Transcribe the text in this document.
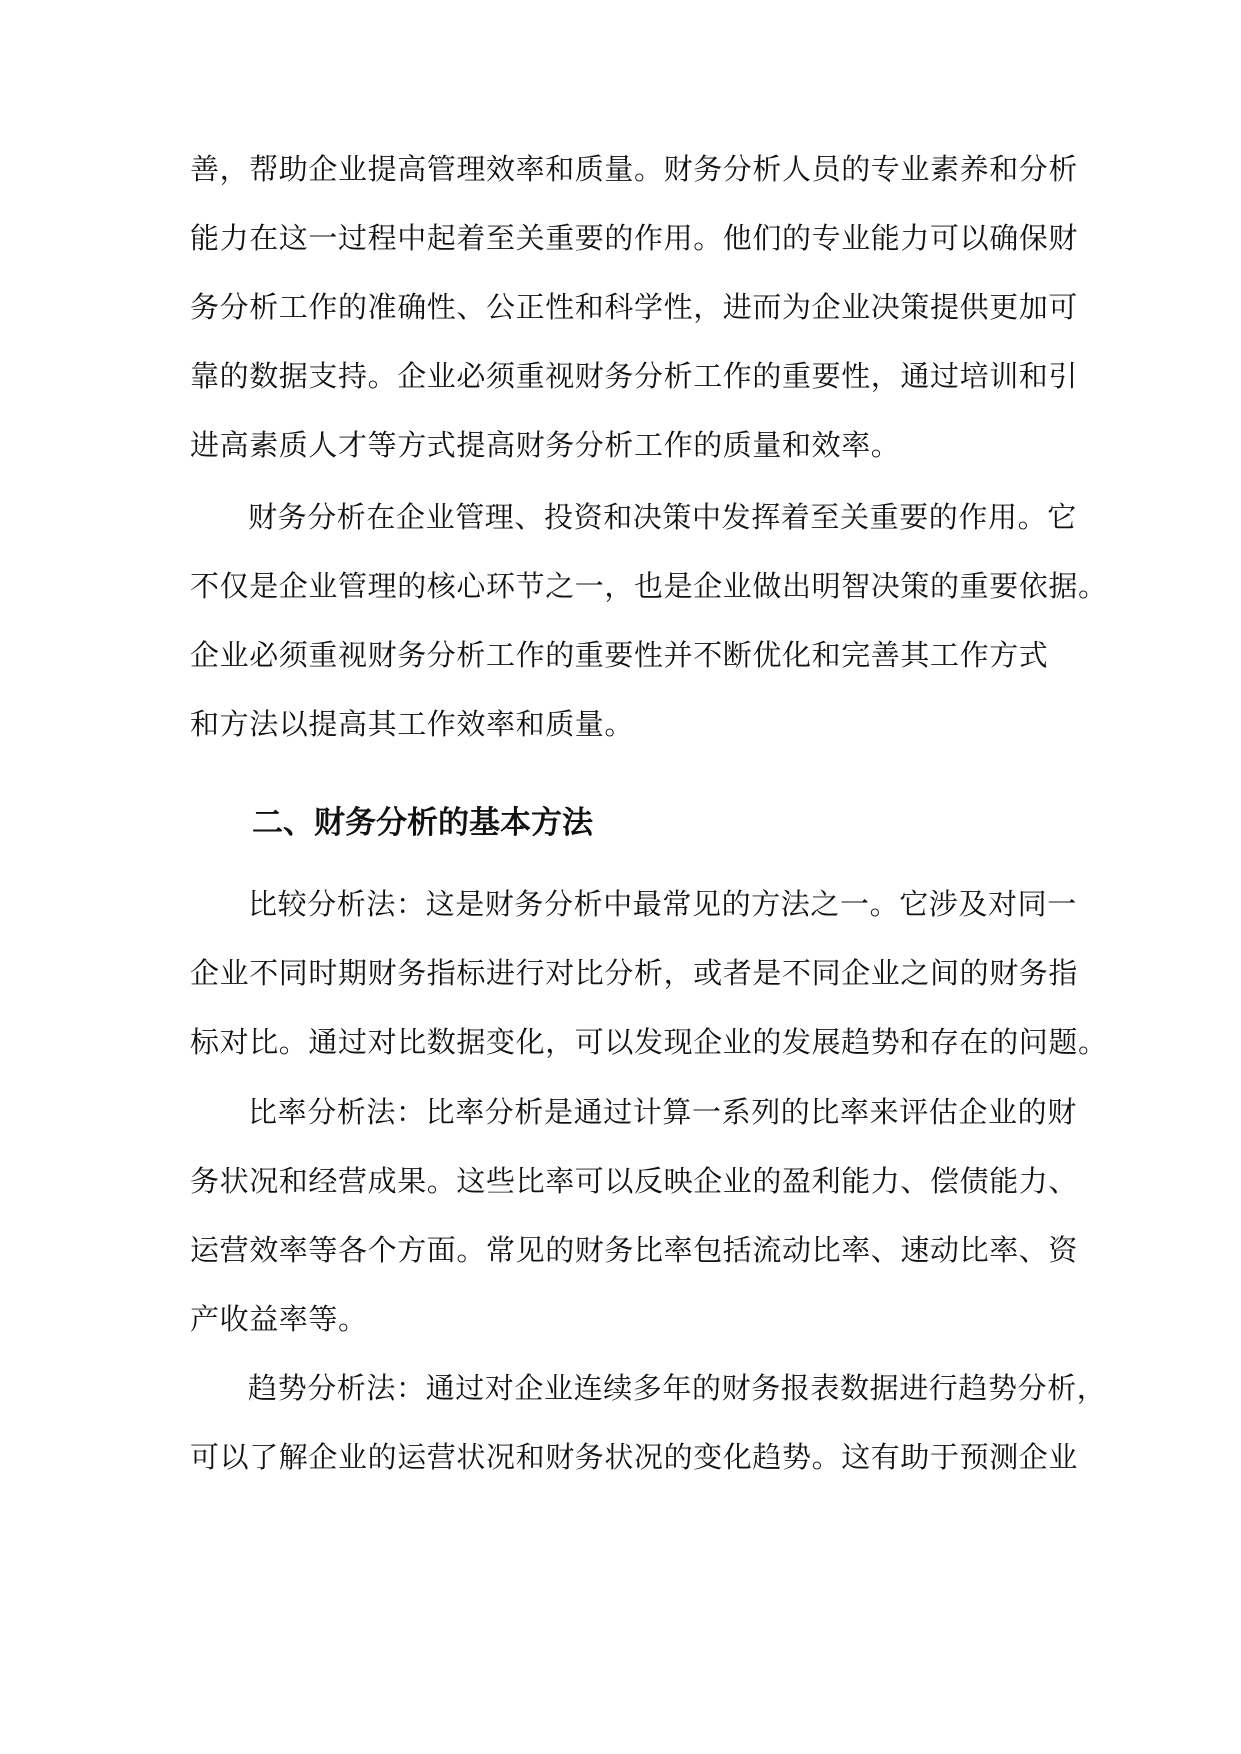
善，帮助企业提高管理效率和质量。财务分析人员的专业素养和分析
能力在这一过程中起着至关重要的作用。他们的专业能力可以确保财
务分析工作的准确性、公正性和科学性，进而为企业决策提供更加可
靠的数据支持。企业必须重视财务分析工作的重要性，通过培训和引
进高素质人才等方式提高财务分析工作的质量和效率。
财务分析在企业管理、投资和决策中发挥着至关重要的作用。它
不仅是企业管理的核心环节之一，也是企业做出明智决策的重要依据。
企业必须重视财务分析工作的重要性并不断优化和完善其工作方式
和方法以提高其工作效率和质量。
二、财务分析的基本方法
比较分析法：这是财务分析中最常见的方法之一。它涉及对同一
企业不同时期财务指标进行对比分析，或者是不同企业之间的财务指
标对比。通过对比数据变化，可以发现企业的发展趋势和存在的问题。
比率分析法：比率分析是通过计算一系列的比率来评估企业的财
务状况和经营成果。这些比率可以反映企业的盈利能力、偿债能力、
运营效率等各个方面。常见的财务比率包括流动比率、速动比率、资
产收益率等。
趋势分析法：通过对企业连续多年的财务报表数据进行趋势分析，
可以了解企业的运营状况和财务状况的变化趋势。这有助于预测企业
